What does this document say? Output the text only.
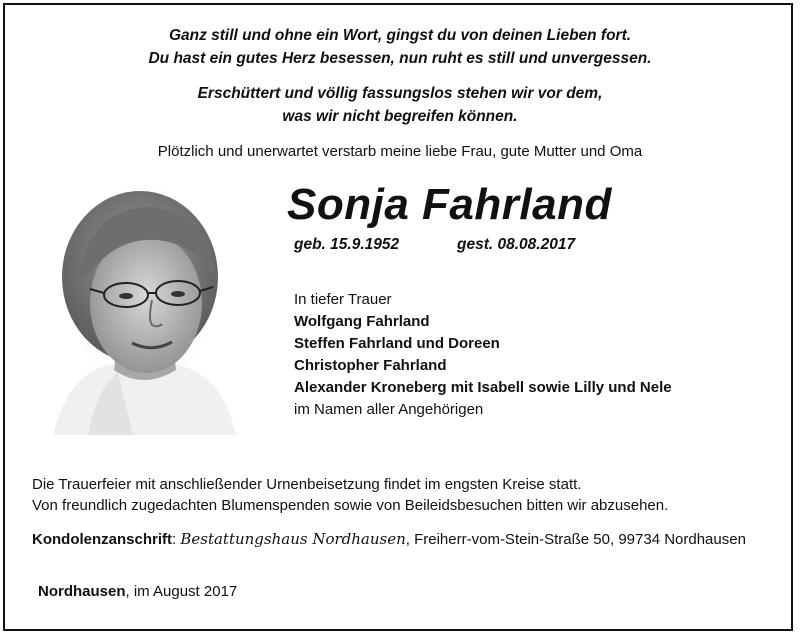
Ganz still und ohne ein Wort, gingst du von deinen Lieben fort.
Du hast ein gutes Herz besessen, nun ruht es still und unvergessen.
Erschüttert und völlig fassungslos stehen wir vor dem,
was wir nicht begreifen können.
Plötzlich und unerwartet verstarb meine liebe Frau, gute Mutter und Oma
Sonja Fahrland
geb. 15.9.1952	gest. 08.08.2017
In tiefer Trauer
Wolfgang Fahrland
Steffen Fahrland und Doreen
Christopher Fahrland
Alexander Kroneberg mit Isabell sowie Lilly und Nele
im Namen aller Angehörigen
Die Trauerfeier mit anschließender Urnenbeisetzung findet im engsten Kreise statt.
Von freundlich zugedachten Blumenspenden sowie von Beileidsbesuchen bitten wir abzusehen.
Kondolenzanschrift: Bestattungshaus Nordhausen, Freiherr-vom-Stein-Straße 50, 99734 Nordhausen
Nordhausen, im August 2017
